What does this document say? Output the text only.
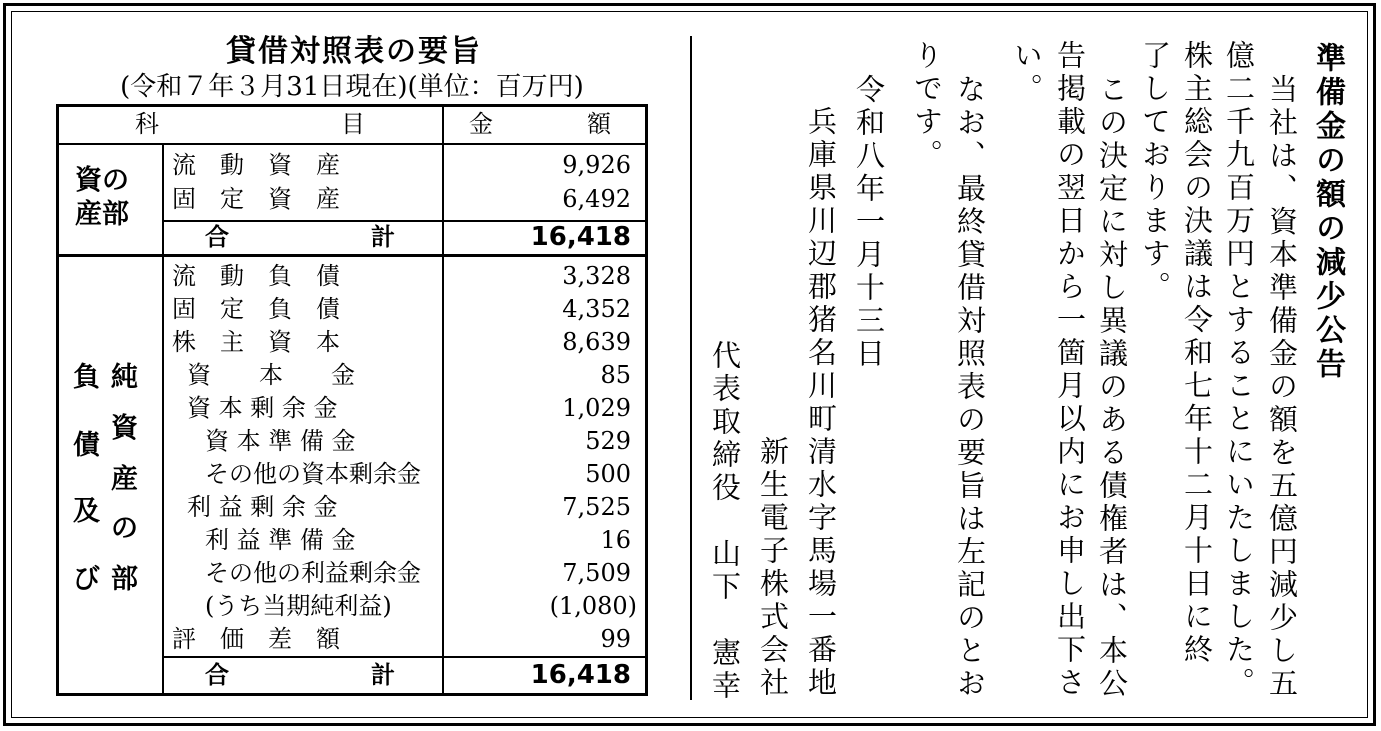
貸借対照表の要旨
(令和７年３月31日現在)(単位：百万円)
科	目	金	額
資の
産部
流　動　資　産	9,926
固　定　資　産	6,492
合	計	16,418
負
債
及
び
純
資
産
の
部
流　動　負　債	3,328
固　定　負　債	4,352
株　主　資　本	8,639
資　　本　　金	85
資 本 剰 余 金	1,029
資 本 準 備 金	529
その他の資本剰余金	500
利 益 剰 余 金	7,525
利 益 準 備 金	16
その他の利益剰余金	7,509
(うち当期純利益)	(1,080)
評　価　差　額	99
合	計	16,418
準備金の額の減少公告
当社は、資本準備金の額を五億円減少し五
億二千九百万円とすることにいたしました。
株主総会の決議は令和七年十二月十日に終
了しております。
この決定に対し異議のある債権者は、本公
告掲載の翌日から一箇月以内にお申し出下さ
い。
なお、最終貸借対照表の要旨は左記のとお
りです。
令和八年一月十三日
兵庫県川辺郡猪名川町清水字馬場一番地
新生電子株式会社
代表取締役　山下　憲幸
